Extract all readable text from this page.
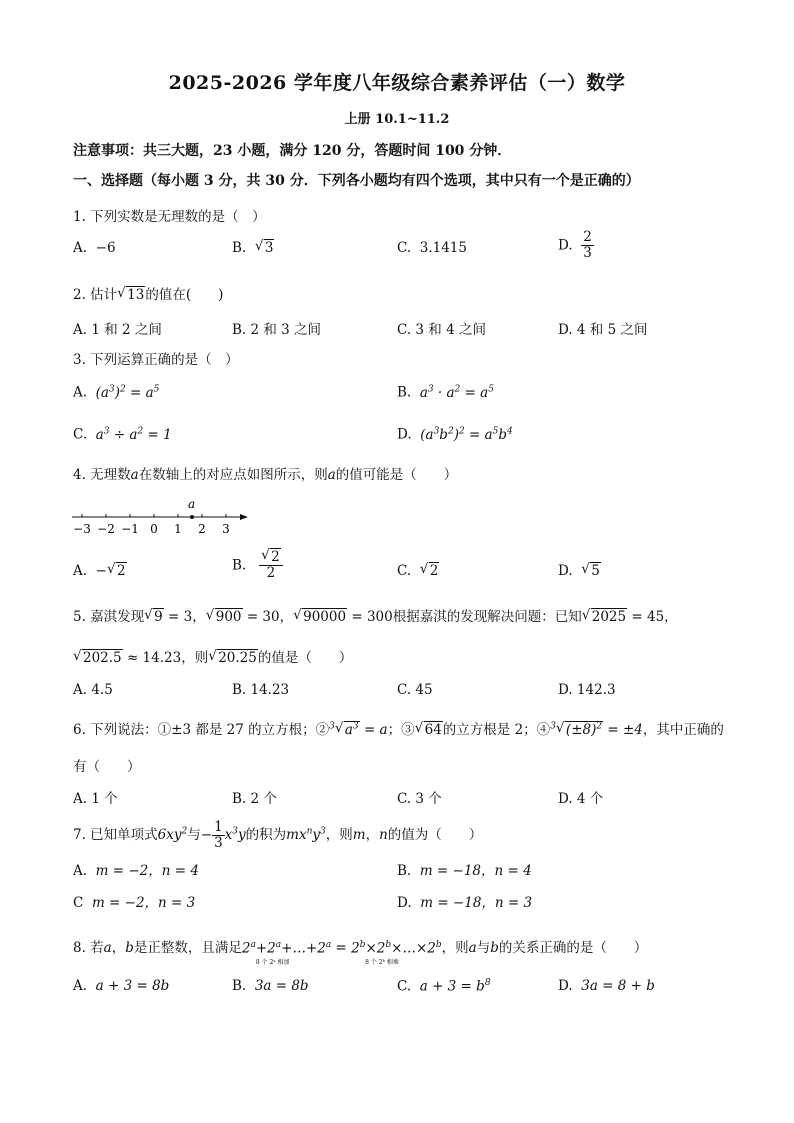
2025-2026 学年度八年级综合素养评估（一）数学
上册 10.1~11.2
注意事项：共三大题，23 小题，满分 120 分，答题时间 100 分钟．
一、选择题（每小题 3 分，共 30 分．下列各小题均有四个选项，其中只有一个是正确的）
1. 下列实数是无理数的是（　）
A. −6	B. √ 3	C. 3.1415	D. $\frac{2}{3}$
2. 估计 √ 13的值在(　　)
A. 1 和 2 之间	B. 2 和 3 之间	C. 3 和 4 之间	D. 4 和 5 之间
3. 下列运算正确的是（　）
A. $(a^3)^2 = a^5$	B. $a^3 \cdot a^2 = a^5$
C. $a^3 \div a^2 = 1$	D. $(a^3b^2)^2 = a^5b^4$
4. 无理数a在数轴上的对应点如图所示，则a的值可能是（　　）
−3 −2 −1 0 1 2 3
a
A. − √ 2	B. √ $\frac{2}{2}$	C. √ 2	D. √ 5
5. 嘉淇发现 √ 9 = 3， √ 900 = 30， √ 90000 = 300根据嘉淇的发现解决问题：已知 √ 2025 = 45，
√ 202.5 ≈ 14.23，则 √ 20.25的值是（　　）
A. 4.5	B. 14.23	C. 45	D. 142.3
6. 下列说法：①±3 都是 27 的立方根；②$^3$ √ $a^3 = a$；③ √ 64的立方根是 2；④$^3$ √ $(\pm 8)^2 = \pm 4$，其中正确的
有（　　）
A. 1 个	B. 2 个	C. 3 个	D. 4 个
7. 已知单项式$6xy^2$与− $\frac{1}{3} x^3y$的积为$mx^ny^3$，则m，n的值为（　　）
A. m = −2，n = 4	B. m = −18，n = 4
C m = −2，n = 3	D. m = −18，n = 3
8. 若a，b是正整数，且满足$2^a+2^a+\dots+2^a$
8 个 2ᵃ 相加
= $2^b\times 2^b\times\dots\times 2^b$
8 个 2ᵇ 相乘
，则a与b的关系正确的是（　　）
A. a + 3 = 8b	B. 3a = 8b	C. $a + 3 = b^8$	D. 3a = 8 + b
